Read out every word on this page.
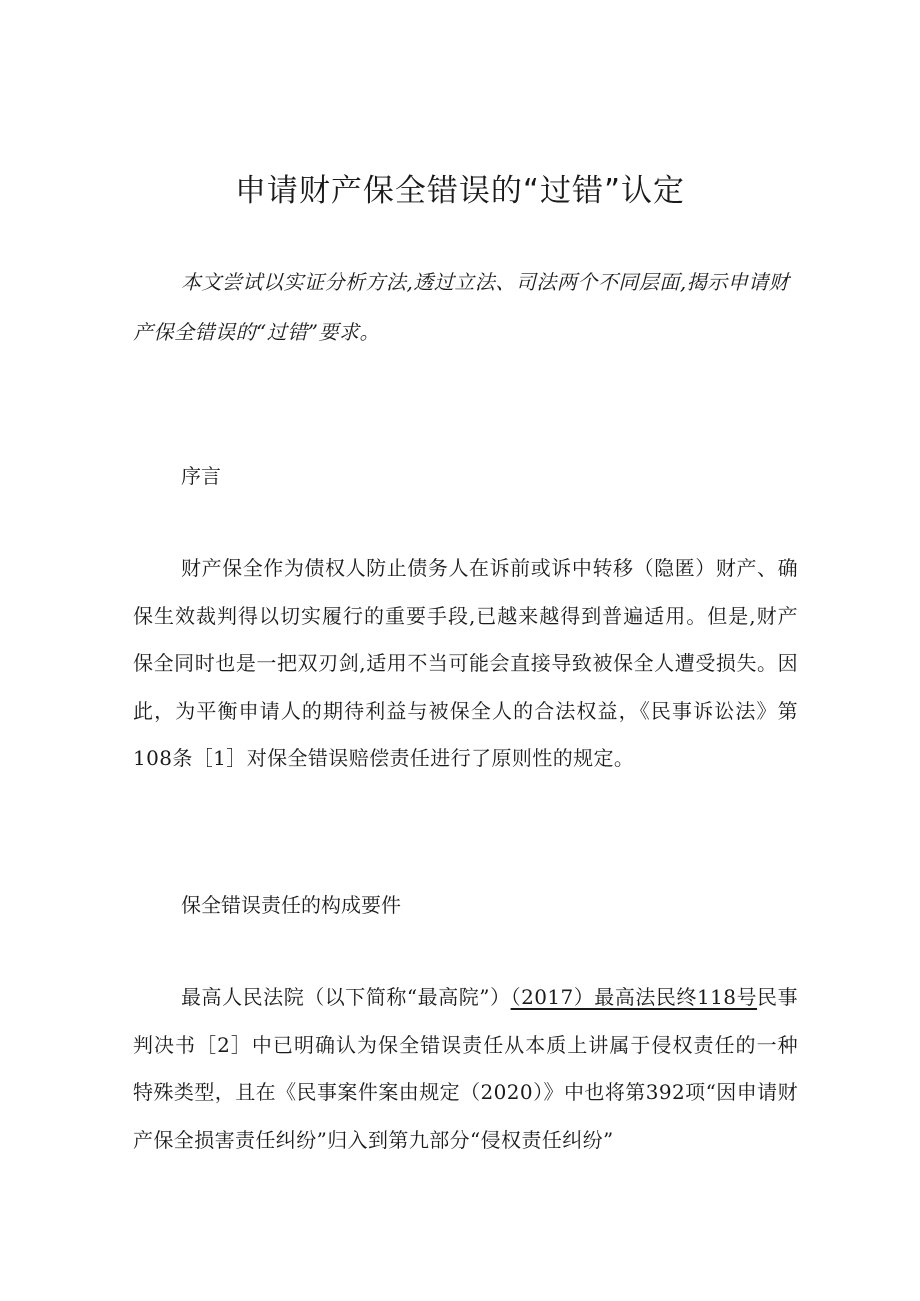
申请财产保全错误的“过错”认定

本文尝试以实证分析方法,透过立法、司法两个不同层面,揭示申请财产保全错误的“过错”要求。

序言

财产保全作为债权人防止债务人在诉前或诉中转移（隐匿）财产、确保生效裁判得以切实履行的重要手段,已越来越得到普遍适用。但是,财产保全同时也是一把双刃剑,适用不当可能会直接导致被保全人遭受损失。因此，为平衡申请人的期待利益与被保全人的合法权益，《民事诉讼法》第108条［1］对保全错误赔偿责任进行了原则性的规定。

保全错误责任的构成要件

最高人民法院（以下简称“最高院”）（2017）最高法民终118号民事判决书［2］中已明确认为保全错误责任从本质上讲属于侵权责任的一种特殊类型，且在《民事案件案由规定（2020）》中也将第392项“因申请财产保全损害责任纠纷”归入到第九部分“侵权责任纠纷”
